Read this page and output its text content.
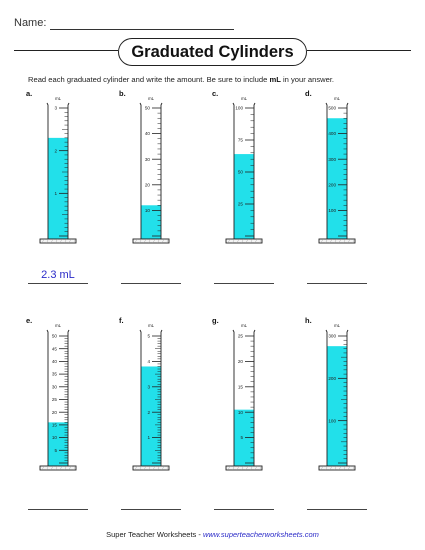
Name:
Graduated Cylinders
Read each graduated cylinder and write the amount. Be sure to include mL in your answer.
a.
mL
3
2
1
2.3 mL
b.
mL
50
40
30
20
10
c.
mL
100
75
50
25
d.
mL
500
400
300
200
100
e.
mL
50
45
40
35
30
25
20
15
10
5
f.
mL
5
4
3
2
1
g.
mL
25
20
15
10
5
h.
mL
300
200
100
Super Teacher Worksheets - www.superteacherworksheets.com
